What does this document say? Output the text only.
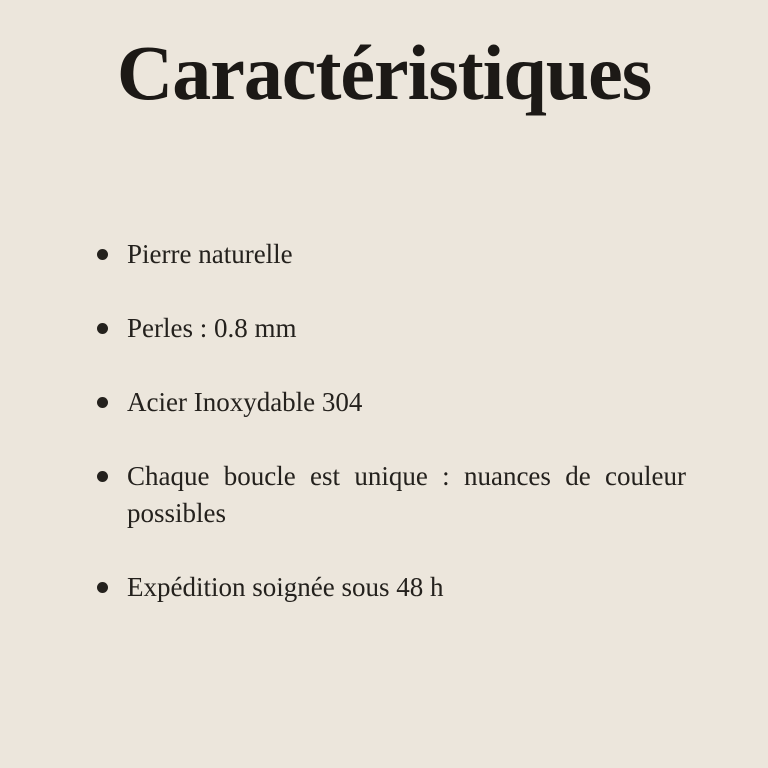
Caractéristiques
Pierre naturelle
Perles : 0.8 mm
Acier Inoxydable 304
Chaque boucle est unique : nuances de couleur possibles
Expédition soignée sous 48 h
